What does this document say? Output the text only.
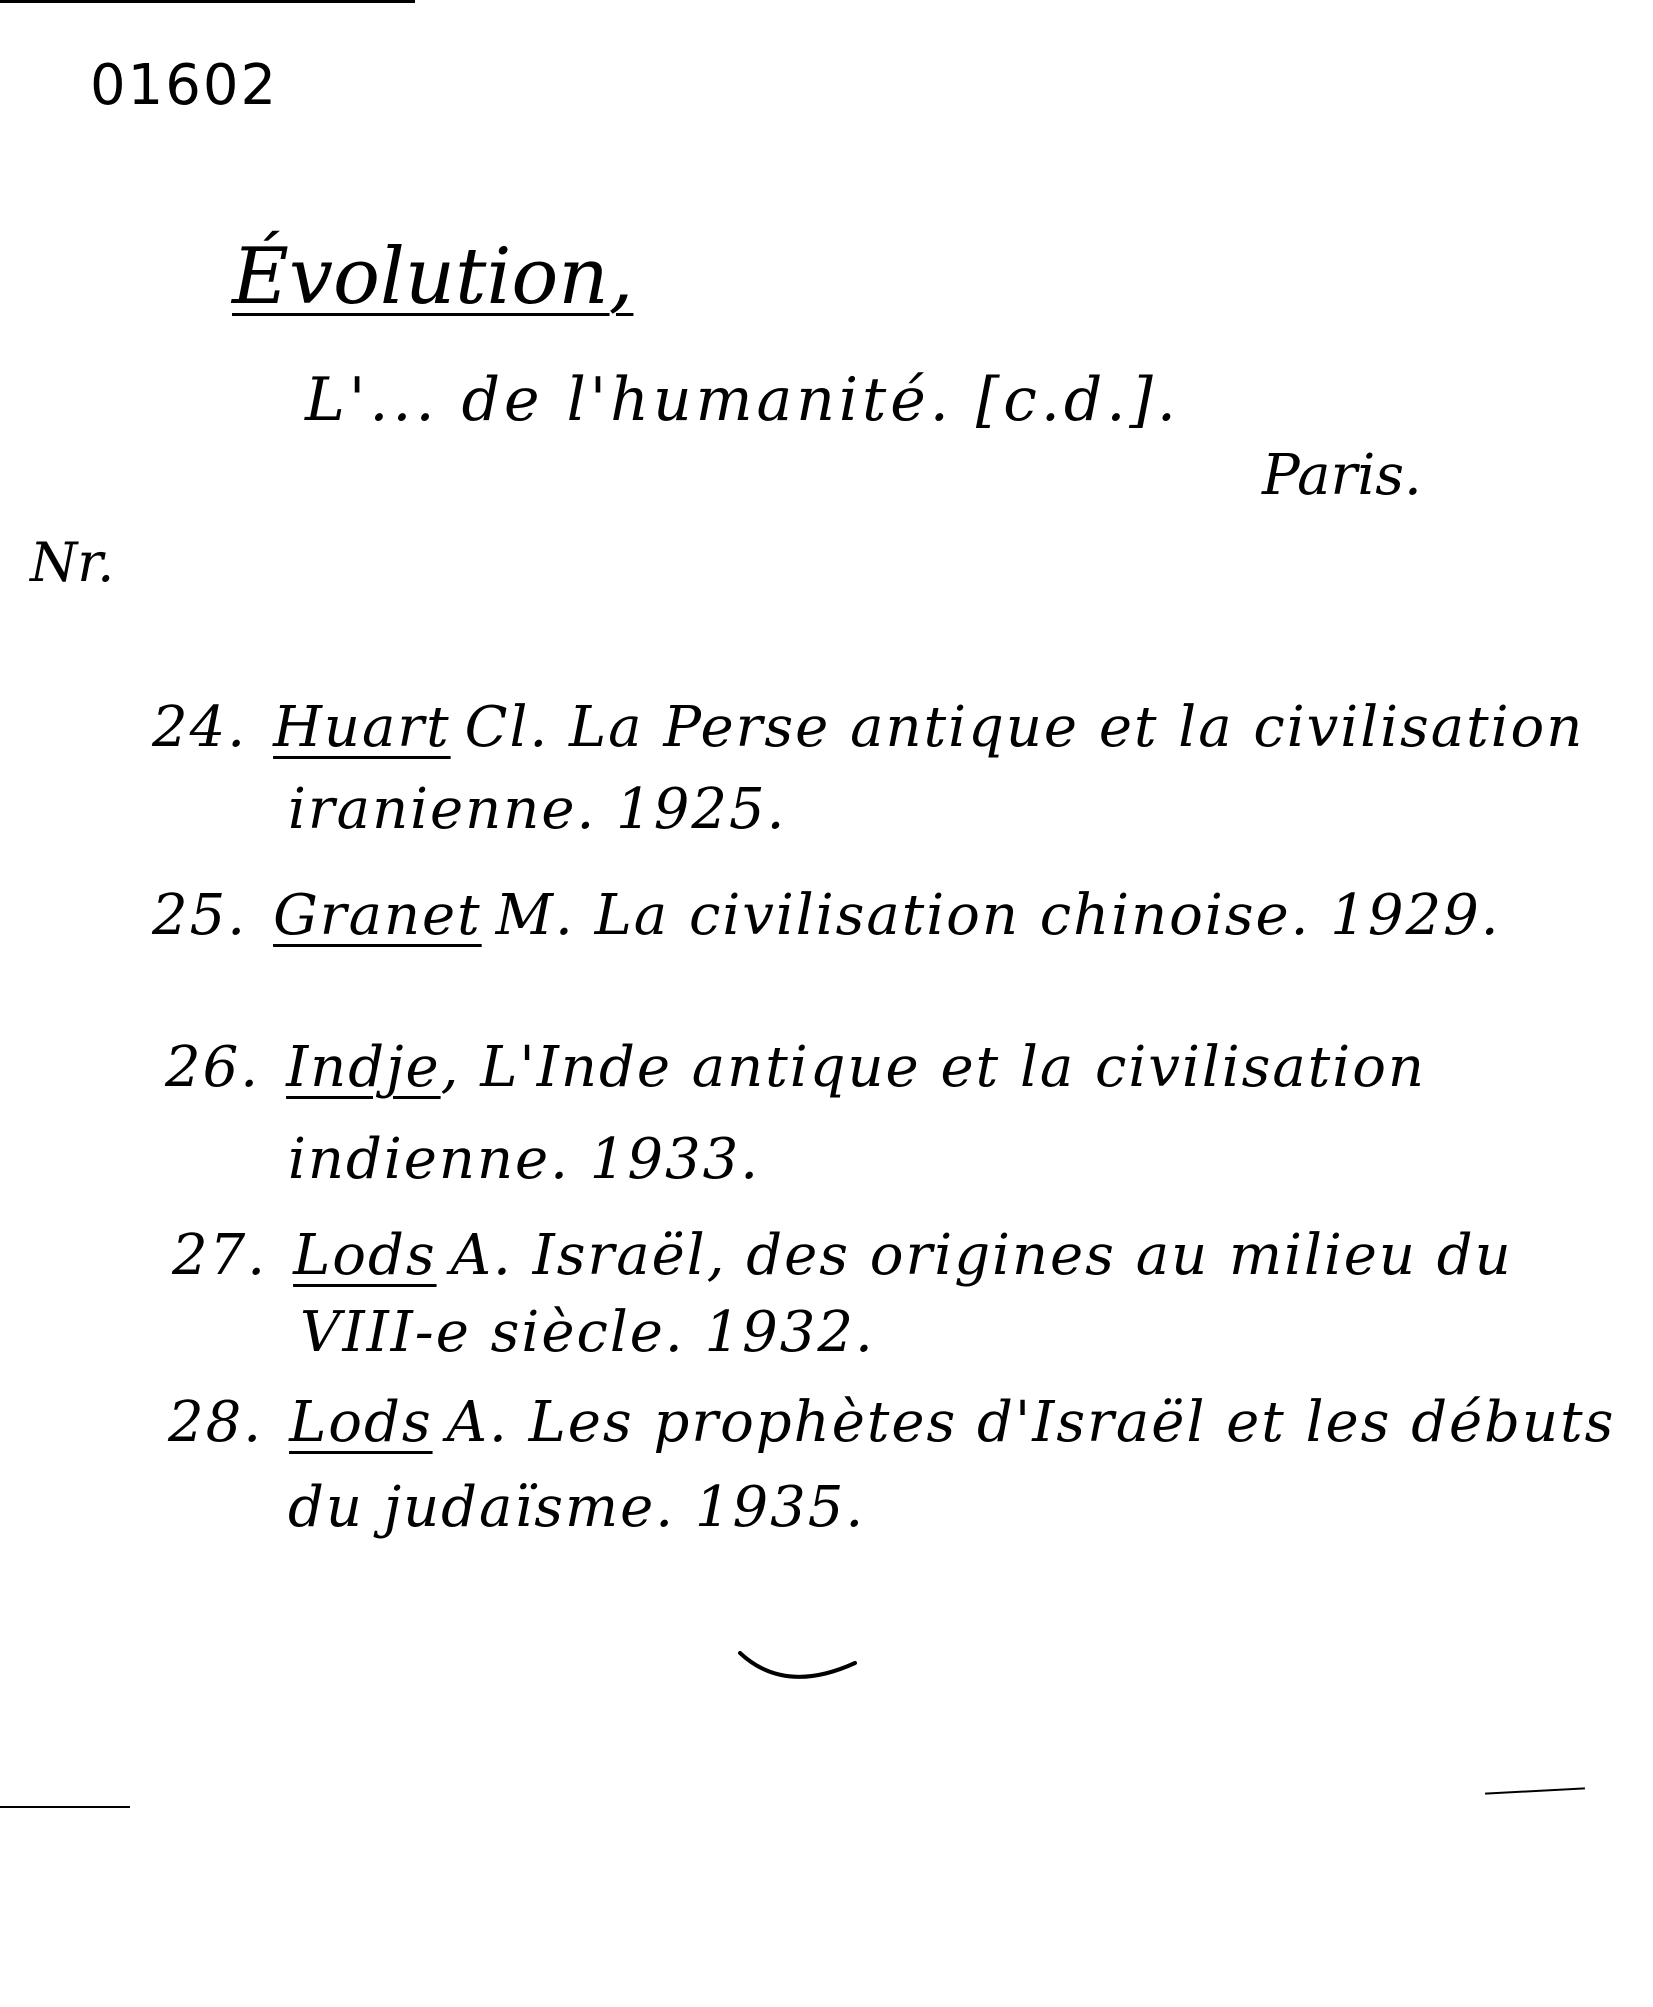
01602
Évolution,
L'... de l'humanité. [c.d.].
Paris.
Nr.
24. Huart Cl. La Perse antique et la civilisation
iranienne. 1925.
25. Granet M. La civilisation chinoise. 1929.
26. Indje, L'Inde antique et la civilisation
indienne. 1933.
27. Lods A. Israël, des origines au milieu du
VIII-e siècle. 1932.
28. Lods A. Les prophètes d'Israël et les débuts
du judaïsme. 1935.
